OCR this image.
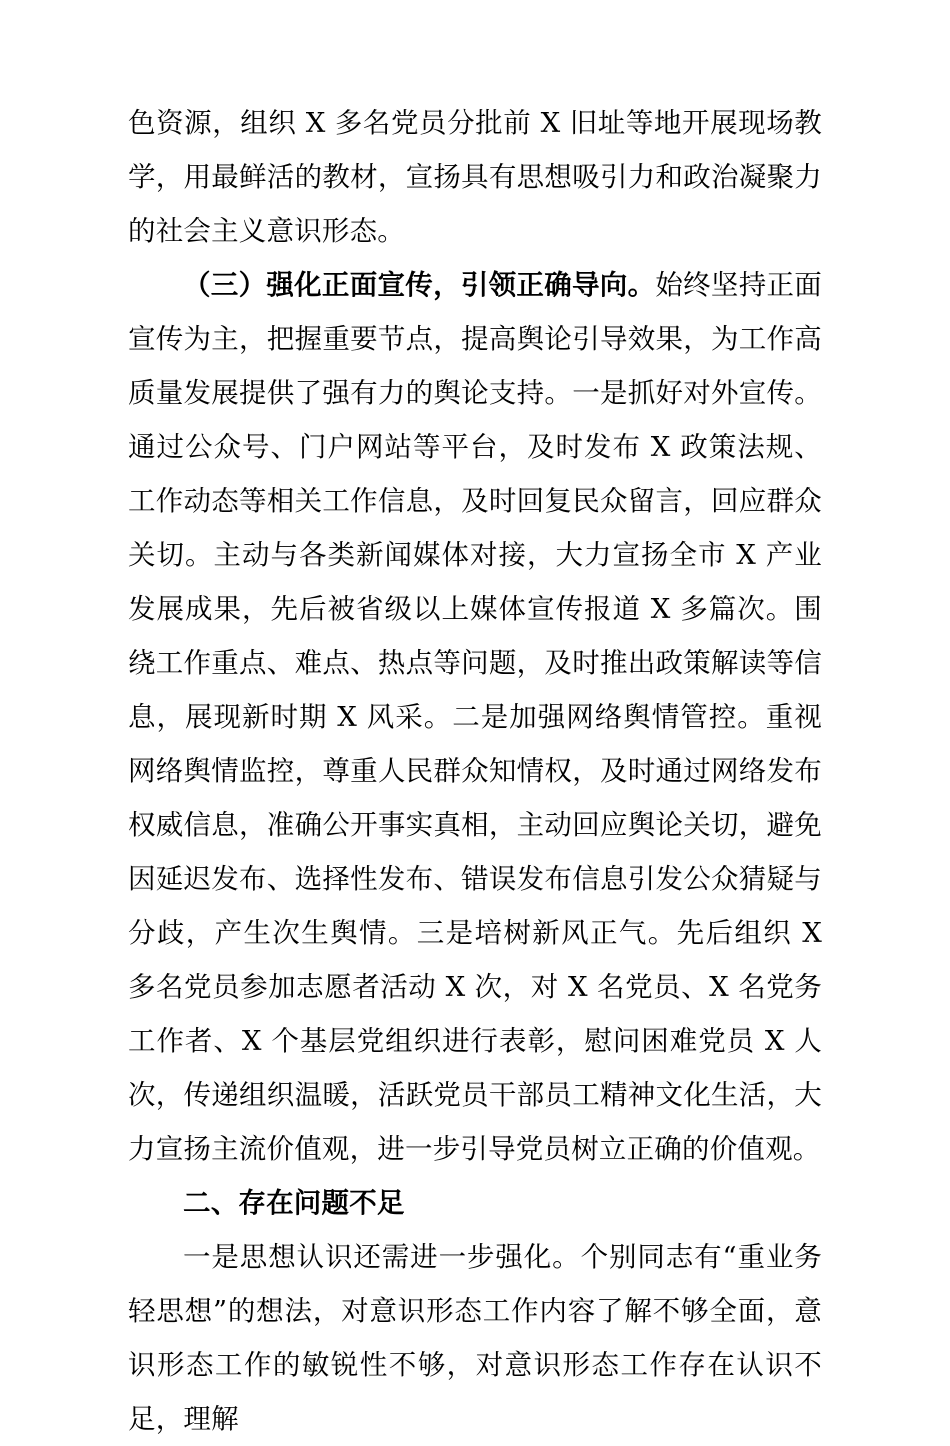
色资源，组织 X 多名党员分批前 X 旧址等地开展现场教学，用最鲜活的教材，宣扬具有思想吸引力和政治凝聚力的社会主义意识形态。

（三）强化正面宣传，引领正确导向。始终坚持正面宣传为主，把握重要节点，提高舆论引导效果，为工作高质量发展提供了强有力的舆论支持。一是抓好对外宣传。通过公众号、门户网站等平台，及时发布 X 政策法规、工作动态等相关工作信息，及时回复民众留言，回应群众关切。主动与各类新闻媒体对接，大力宣扬全市 X 产业发展成果，先后被省级以上媒体宣传报道 X 多篇次。围绕工作重点、难点、热点等问题，及时推出政策解读等信息，展现新时期 X 风采。二是加强网络舆情管控。重视网络舆情监控，尊重人民群众知情权，及时通过网络发布权威信息，准确公开事实真相，主动回应舆论关切，避免因延迟发布、选择性发布、错误发布信息引发公众猜疑与分歧，产生次生舆情。三是培树新风正气。先后组织 X 多名党员参加志愿者活动 X 次，对 X 名党员、X 名党务工作者、X 个基层党组织进行表彰，慰问困难党员 X 人次，传递组织温暖，活跃党员干部员工精神文化生活，大力宣扬主流价值观，进一步引导党员树立正确的价值观。

二、存在问题不足

一是思想认识还需进一步强化。个别同志有“重业务轻思想”的想法，对意识形态工作内容了解不够全面，意识形态工作的敏锐性不够，对意识形态工作存在认识不足，理解
